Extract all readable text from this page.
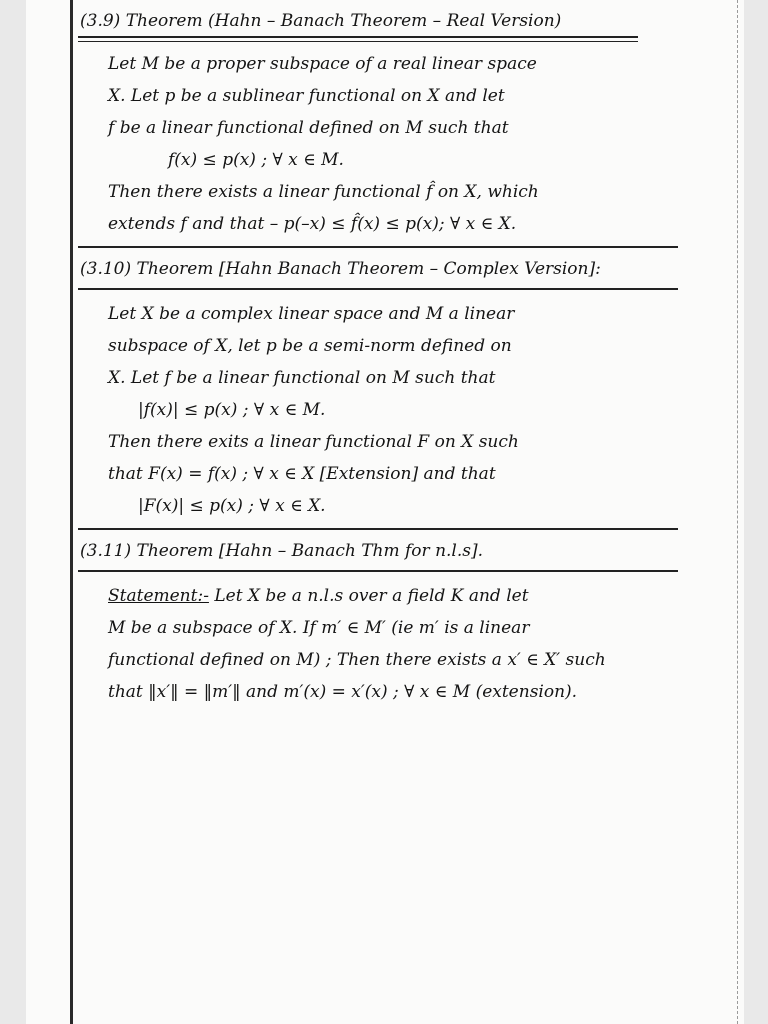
(3.9) Theorem (Hahn – Banach Theorem – Real Version)
Let M be a proper subspace of a real linear space
X. Let p be a sublinear functional on X and let
f be a linear functional defined on M such that
f(x) ≤ p(x) ; ∀ x ∈ M.
Then there exists a linear functional f̂ on X, which
extends f and that – p(–x) ≤ f̂(x) ≤ p(x); ∀ x ∈ X.
(3.10) Theorem [Hahn Banach Theorem – Complex Version]:
Let X be a complex linear space and M a linear
subspace of X, let p be a semi-norm defined on
X. Let f be a linear functional on M such that
|f(x)| ≤ p(x) ; ∀ x ∈ M.
Then there exits a linear functional F on X such
that F(x) = f(x) ; ∀ x ∈ X [Extension] and that
|F(x)| ≤ p(x) ; ∀ x ∈ X.
(3.11) Theorem [Hahn – Banach Thm for n.l.s].
Statement:- Let X be a n.l.s over a field K and let
M be a subspace of X. If m′ ∈ M′ (ie m′ is a linear
functional defined on M) ; Then there exists a x′ ∈ X′ such
that ‖x′‖ = ‖m′‖ and m′(x) = x′(x) ; ∀ x ∈ M (extension).
